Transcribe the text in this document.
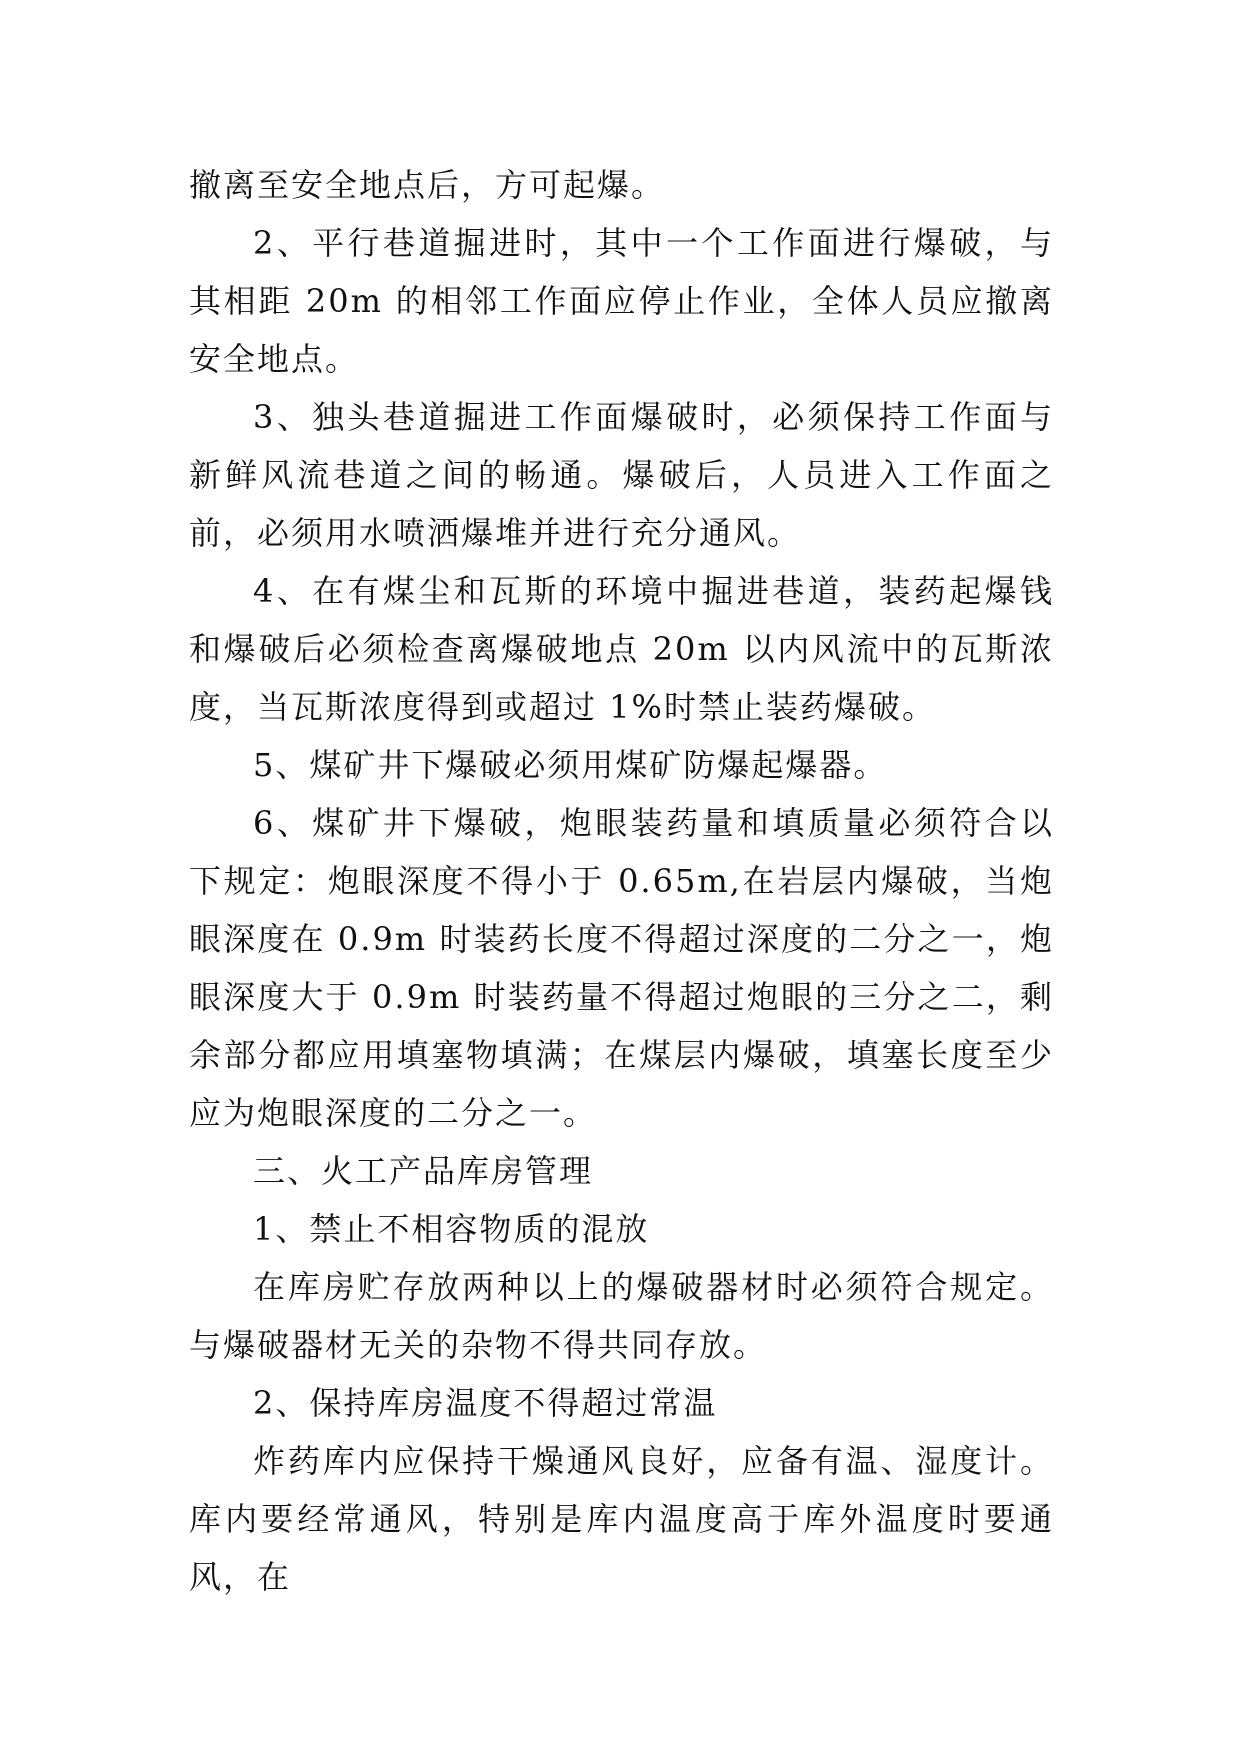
撤离至安全地点后，方可起爆。

2、平行巷道掘进时，其中一个工作面进行爆破，与其相距 20m 的相邻工作面应停止作业，全体人员应撤离安全地点。

3、独头巷道掘进工作面爆破时，必须保持工作面与新鲜风流巷道之间的畅通。爆破后，人员进入工作面之前，必须用水喷洒爆堆并进行充分通风。

4、在有煤尘和瓦斯的环境中掘进巷道，装药起爆钱和爆破后必须检查离爆破地点 20m 以内风流中的瓦斯浓度，当瓦斯浓度得到或超过 1%时禁止装药爆破。

5、煤矿井下爆破必须用煤矿防爆起爆器。

6、煤矿井下爆破，炮眼装药量和填质量必须符合以下规定：炮眼深度不得小于 0.65m,在岩层内爆破，当炮眼深度在 0.9m 时装药长度不得超过深度的二分之一，炮眼深度大于 0.9m 时装药量不得超过炮眼的三分之二，剩余部分都应用填塞物填满；在煤层内爆破，填塞长度至少应为炮眼深度的二分之一。

三、火工产品库房管理

1、禁止不相容物质的混放

在库房贮存放两种以上的爆破器材时必须符合规定。与爆破器材无关的杂物不得共同存放。

2、保持库房温度不得超过常温

炸药库内应保持干燥通风良好，应备有温、湿度计。库内要经常通风，特别是库内温度高于库外温度时要通风，在
